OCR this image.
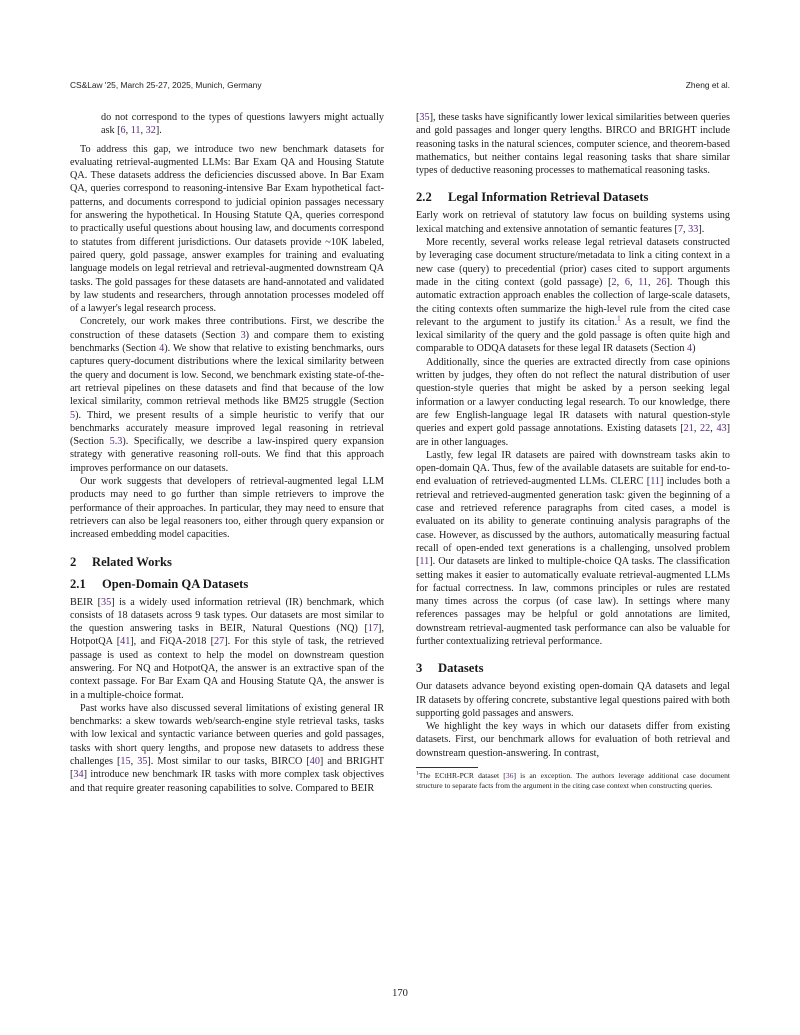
CS&Law '25, March 25-27, 2025, Munich, Germany	Zheng et al.

do not correspond to the types of questions lawyers might actually ask [6, 11, 32].

To address this gap, we introduce two new benchmark datasets for evaluating retrieval-augmented LLMs: Bar Exam QA and Housing Statute QA. These datasets address the deficiencies discussed above. In Bar Exam QA, queries correspond to reasoning-intensive Bar Exam hypothetical fact-patterns, and documents correspond to judicial opinion passages necessary for answering the hypothetical. In Housing Statute QA, queries correspond to practically useful questions about housing law, and documents correspond to statutes from different jurisdictions. Our datasets provide ~10K labeled, paired query, gold passage, answer examples for training and evaluating language models on legal retrieval and retrieval-augmented downstream QA tasks. The gold passages for these datasets are hand-annotated and validated by law students and researchers, through annotation processes modeled off of a lawyer's legal research process.

Concretely, our work makes three contributions. First, we describe the construction of these datasets (Section 3) and compare them to existing benchmarks (Section 4). We show that relative to existing benchmarks, ours captures query-document distributions where the lexical similarity between the query and document is low. Second, we benchmark existing state-of-the-art retrieval pipelines on these datasets and find that because of the low lexical similarity, common retrieval methods like BM25 struggle (Section 5). Third, we present results of a simple heuristic to verify that our benchmarks accurately measure improved legal reasoning in retrieval (Section 5.3). Specifically, we describe a law-inspired query expansion strategy with generative reasoning roll-outs. We find that this approach improves performance on our datasets.

Our work suggests that developers of retrieval-augmented legal LLM products may need to go further than simple retrievers to improve the performance of their approaches. In particular, they may need to ensure that retrievers can also be legal reasoners too, either through query expansion or increased embedding model capacities.

2 Related Works
2.1 Open-Domain QA Datasets

BEIR [35] is a widely used information retrieval (IR) benchmark, which consists of 18 datasets across 9 task types. Our datasets are most similar to the question answering tasks in BEIR, Natural Questions (NQ) [17], HotpotQA [41], and FiQA-2018 [27]. For this style of task, the retrieved passage is used as context to help the model on downstream question answering. For NQ and HotpotQA, the answer is an extractive span of the context passage. For Bar Exam QA and Housing Statute QA, the answer is in a multiple-choice format.

Past works have also discussed several limitations of existing general IR benchmarks: a skew towards web/search-engine style retrieval tasks, tasks with low lexical and syntactic variance between queries and gold passages, tasks with short query lengths, and propose new datasets to address these challenges [15, 35]. Most similar to our tasks, BIRCO [40] and BRIGHT [34] introduce new benchmark IR tasks with more complex task objectives and that require greater reasoning capabilities to solve. Compared to BEIR

[35], these tasks have significantly lower lexical similarities between queries and gold passages and longer query lengths. BIRCO and BRIGHT include reasoning tasks in the natural sciences, computer science, and theorem-based mathematics, but neither contains legal reasoning tasks that share similar types of deductive reasoning processes to mathematical reasoning tasks.

2.2 Legal Information Retrieval Datasets

Early work on retrieval of statutory law focus on building systems using lexical matching and extensive annotation of semantic features [7, 33].

More recently, several works release legal retrieval datasets constructed by leveraging case document structure/metadata to link a citing context in a new case (query) to precedential (prior) cases cited to support arguments made in the citing context (gold passage) [2, 6, 11, 26]. Though this automatic extraction approach enables the collection of large-scale datasets, the citing contexts often summarize the high-level rule from the cited case relevant to the argument to justify its citation.$^1$ As a result, we find the lexical similarity of the query and the gold passage is often quite high and comparable to ODQA datasets for these legal IR datasets (Section 4)

Additionally, since the queries are extracted directly from case opinions written by judges, they often do not reflect the natural distribution of user question-style queries that might be asked by a person seeking legal information or a lawyer conducting legal research. To our knowledge, there are few English-language legal IR datasets with natural question-style queries and expert gold passage annotations. Existing datasets [21, 22, 43] are in other languages.

Lastly, few legal IR datasets are paired with downstream tasks akin to open-domain QA. Thus, few of the available datasets are suitable for end-to-end evaluation of retrieved-augmented LLMs. CLERC [11] includes both a retrieval and retrieved-augmented generation task: given the beginning of a case and retrieved reference paragraphs from cited cases, a model is evaluated on its ability to generate continuing analysis paragraphs of the case. However, as discussed by the authors, automatically measuring factual recall of open-ended text generations is a challenging, unsolved problem [11]. Our datasets are linked to multiple-choice QA tasks. The classification setting makes it easier to automatically evaluate retrieval-augmented LLMs for factual correctness. In law, commons principles or rules are restated many times across the corpus (of case law). In settings where many references passages may be helpful or gold annotations are limited, downstream retrieval-augmented task performance can also be valuable for further contextualizing retrieval performance.

3 Datasets

Our datasets advance beyond existing open-domain QA datasets and legal IR datasets by offering concrete, substantive legal questions paired with both supporting gold passages and answers.

We highlight the key ways in which our datasets differ from existing datasets. First, our benchmark allows for evaluation of both retrieval and downstream question-answering. In contrast,

$^1$The ECtHR-PCR dataset [36] is an exception. The authors leverage additional case document structure to separate facts from the argument in the citing case context when constructing queries.

170
